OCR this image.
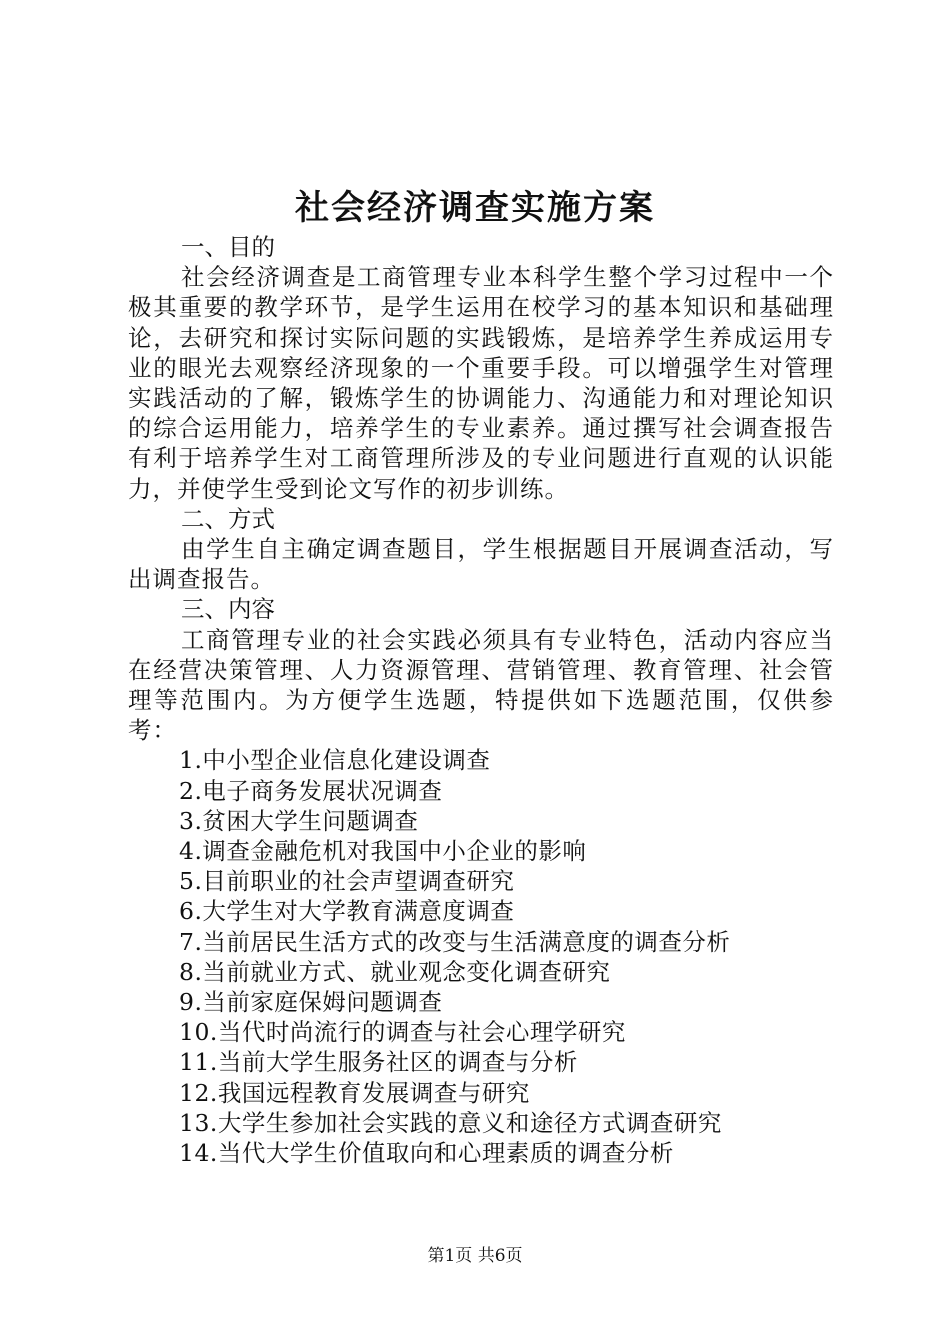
社会经济调查实施方案
一、目的
社会经济调查是工商管理专业本科学生整个学习过程中一个极其重要的教学环节，是学生运用在校学习的基本知识和基础理论，去研究和探讨实际问题的实践锻炼，是培养学生养成运用专业的眼光去观察经济现象的一个重要手段。可以增强学生对管理实践活动的了解，锻炼学生的协调能力、沟通能力和对理论知识的综合运用能力，培养学生的专业素养。通过撰写社会调查报告有利于培养学生对工商管理所涉及的专业问题进行直观的认识能力，并使学生受到论文写作的初步训练。
二、方式
由学生自主确定调查题目，学生根据题目开展调查活动，写出调查报告。
三、内容
工商管理专业的社会实践必须具有专业特色，活动内容应当在经营决策管理、人力资源管理、营销管理、教育管理、社会管理等范围内。为方便学生选题，特提供如下选题范围，仅供参考：
1.中小型企业信息化建设调查
2.电子商务发展状况调查
3.贫困大学生问题调查
4.调查金融危机对我国中小企业的影响
5.目前职业的社会声望调查研究
6.大学生对大学教育满意度调查
7.当前居民生活方式的改变与生活满意度的调查分析
8.当前就业方式、就业观念变化调查研究
9.当前家庭保姆问题调查
10.当代时尚流行的调查与社会心理学研究
11.当前大学生服务社区的调查与分析
12.我国远程教育发展调查与研究
13.大学生参加社会实践的意义和途径方式调查研究
14.当代大学生价值取向和心理素质的调查分析
第1页 共6页
